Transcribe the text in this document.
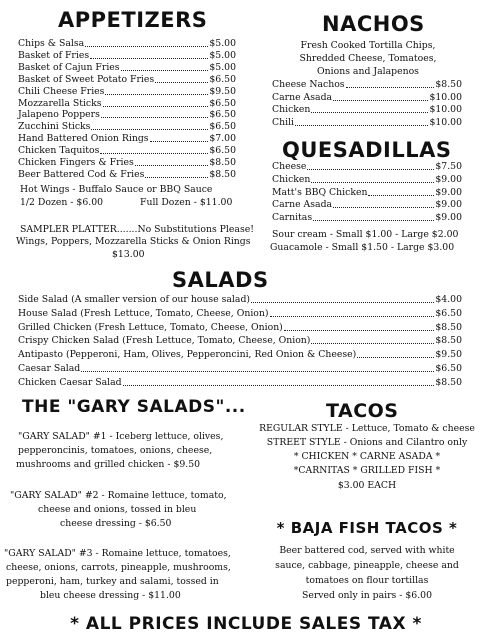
APPETIZERS
Chips & Salsa	$5.00
Basket of Fries	$5.00
Basket of Cajun Fries	$5.00
Basket of Sweet Potato Fries	$6.50
Chili Cheese Fries	$9.50
Mozzarella Sticks	$6.50
Jalapeno Poppers	$6.50
Zucchini Sticks	$6.50
Hand Battered Onion Rings	$7.00
Chicken Taquitos	$6.50
Chicken Fingers & Fries	$8.50
Beer Battered Cod & Fries	$8.50
Hot Wings - Buffalo Sauce or BBQ Sauce
1/2 Dozen - $6.00	Full Dozen - $11.00
SAMPLER PLATTER.......No Substitutions Please!
Wings, Poppers, Mozzarella Sticks & Onion Rings
$13.00
NACHOS
Fresh Cooked Tortilla Chips,
Shredded Cheese, Tomatoes,
Onions and Jalapenos
Cheese Nachos	$8.50
Carne Asada	$10.00
Chicken	$10.00
Chili	$10.00
QUESADILLAS
Cheese	$7.50
Chicken	$9.00
Matt's BBQ Chicken	$9.00
Carne Asada	$9.00
Carnitas	$9.00
Sour cream - Small $1.00 - Large $2.00
Guacamole - Small $1.50 - Large $3.00
SALADS
Side Salad (A smaller version of our house salad)	$4.00
House Salad (Fresh Lettuce, Tomato, Cheese, Onion)	$6.50
Grilled Chicken (Fresh Lettuce, Tomato, Cheese, Onion)	$8.50
Crispy Chicken Salad (Fresh Lettuce, Tomato, Cheese, Onion)	$8.50
Antipasto (Pepperoni, Ham, Olives, Pepperoncini, Red Onion & Cheese)	$9.50
Caesar Salad	$6.50
Chicken Caesar Salad	$8.50
THE "GARY SALADS"...
"GARY SALAD" #1 - Iceberg lettuce, olives,
pepperoncinis, tomatoes, onions, cheese,
mushrooms and grilled chicken - $9.50
"GARY SALAD" #2 - Romaine lettuce, tomato,
cheese and onions, tossed in bleu
cheese dressing - $6.50
"GARY SALAD" #3 - Romaine lettuce, tomatoes,
cheese, onions, carrots, pineapple, mushrooms,
pepperoni, ham, turkey and salami, tossed in
bleu cheese dressing - $11.00
TACOS
REGULAR STYLE - Lettuce, Tomato & cheese
STREET STYLE - Onions and Cilantro only
* CHICKEN * CARNE ASADA *
*CARNITAS * GRILLED FISH *
$3.00 EACH
* BAJA FISH TACOS *
Beer battered cod, served with white
sauce, cabbage, pineapple, cheese and
tomatoes on flour tortillas
Served only in pairs - $6.00
* ALL PRICES INCLUDE SALES TAX *
